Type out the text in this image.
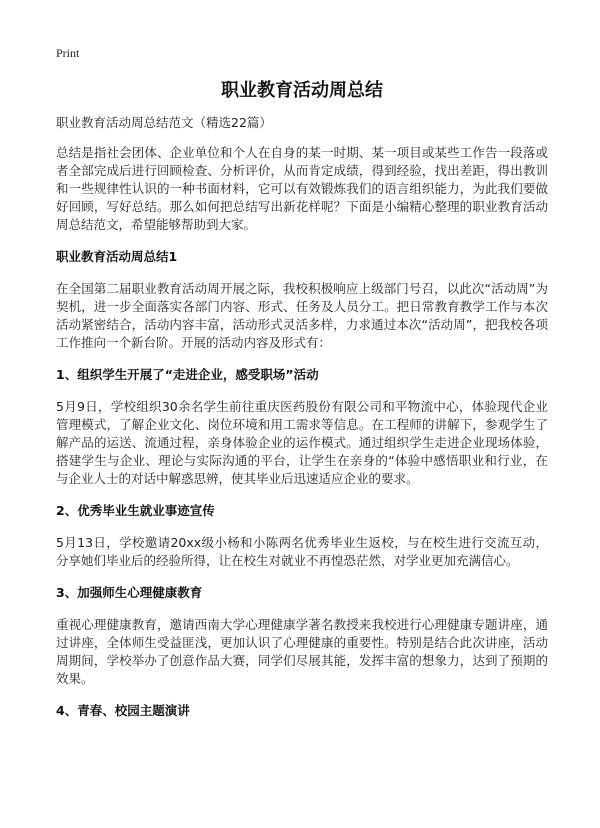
Print
职业教育活动周总结
职业教育活动周总结范文（精选22篇）
总结是指社会团体、企业单位和个人在自身的某一时期、某一项目或某些工作告一段落或者全部完成后进行回顾检查、分析评价，从而肯定成绩，得到经验，找出差距，得出教训和一些规律性认识的一种书面材料，它可以有效锻炼我们的语言组织能力，为此我们要做好回顾，写好总结。那么如何把总结写出新花样呢？下面是小编精心整理的职业教育活动周总结范文，希望能够帮助到大家。
职业教育活动周总结1
在全国第二届职业教育活动周开展之际，我校积极响应上级部门号召，以此次“活动周”为契机，进一步全面落实各部门内容、形式、任务及人员分工。把日常教育教学工作与本次活动紧密结合，活动内容丰富，活动形式灵活多样，力求通过本次“活动周”，把我校各项工作推向一个新台阶。开展的活动内容及形式有：
1、组织学生开展了“走进企业，感受职场”活动
5月9日，学校组织30余名学生前往重庆医药股份有限公司和平物流中心，体验现代企业管理模式，了解企业文化、岗位环境和用工需求等信息。在工程师的讲解下，参观学生了解产品的运送、流通过程，亲身体验企业的运作模式。通过组织学生走进企业现场体验，搭建学生与企业、理论与实际沟通的平台，让学生在亲身的“体验中感悟职业和行业，在与企业人士的对话中解惑思辨，使其毕业后迅速适应企业的要求。
2、优秀毕业生就业事迹宣传
5月13日，学校邀请20xx级小杨和小陈两名优秀毕业生返校，与在校生进行交流互动，分享她们毕业后的经验所得，让在校生对就业不再惶恐茫然，对学业更加充满信心。
3、加强师生心理健康教育
重视心理健康教育，邀请西南大学心理健康学著名教授来我校进行心理健康专题讲座，通过讲座，全体师生受益匪浅，更加认识了心理健康的重要性。特别是结合此次讲座，活动周期间，学校举办了创意作品大赛，同学们尽展其能，发挥丰富的想象力，达到了预期的效果。
4、青春、校园主题演讲
